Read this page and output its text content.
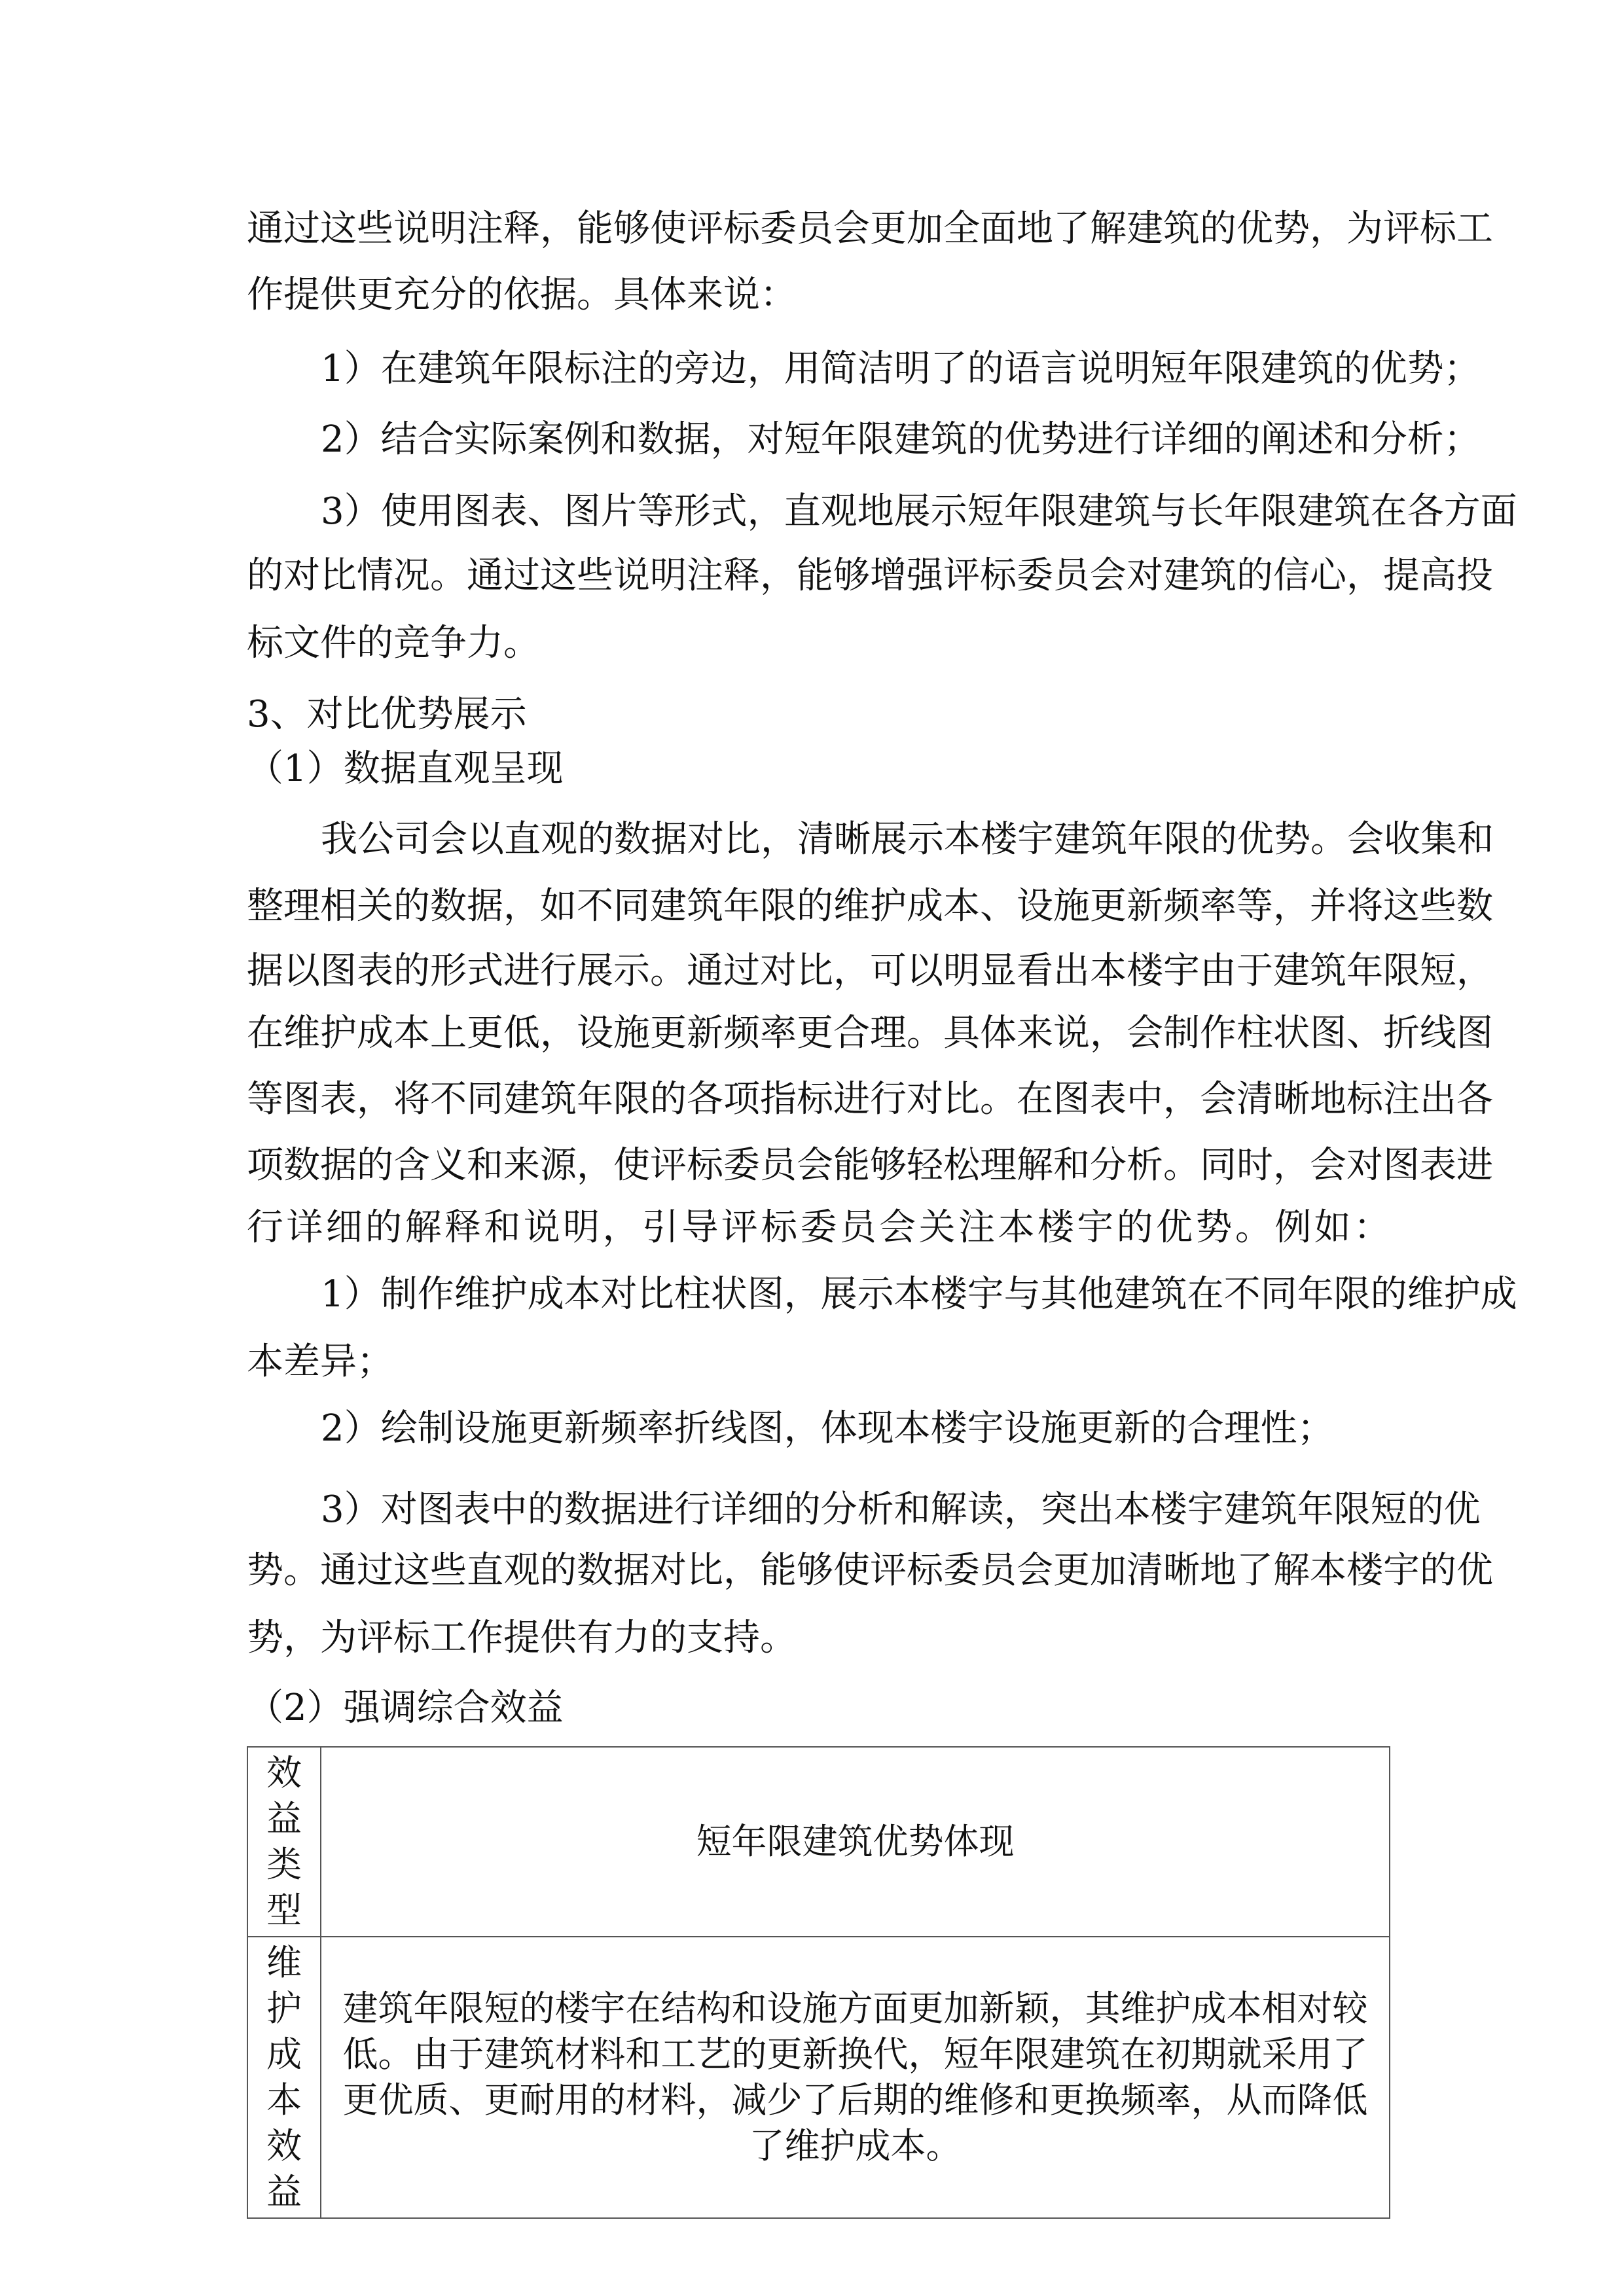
通过这些说明注释，能够使评标委员会更加全面地了解建筑的优势，为评标工
作提供更充分的依据。具体来说：
1）在建筑年限标注的旁边，用简洁明了的语言说明短年限建筑的优势；
2）结合实际案例和数据，对短年限建筑的优势进行详细的阐述和分析；
3）使用图表、图片等形式，直观地展示短年限建筑与长年限建筑在各方面
的对比情况。通过这些说明注释，能够增强评标委员会对建筑的信心，提高投
标文件的竞争力。
3、对比优势展示
（1）数据直观呈现
我公司会以直观的数据对比，清晰展示本楼宇建筑年限的优势。会收集和
整理相关的数据，如不同建筑年限的维护成本、设施更新频率等，并将这些数
据以图表的形式进行展示。通过对比，可以明显看出本楼宇由于建筑年限短，
在维护成本上更低，设施更新频率更合理。具体来说，会制作柱状图、折线图
等图表，将不同建筑年限的各项指标进行对比。在图表中，会清晰地标注出各
项数据的含义和来源，使评标委员会能够轻松理解和分析。同时，会对图表进
行详细的解释和说明，引导评标委员会关注本楼宇的优势。例如：
1）制作维护成本对比柱状图，展示本楼宇与其他建筑在不同年限的维护成
本差异；
2）绘制设施更新频率折线图，体现本楼宇设施更新的合理性；
3）对图表中的数据进行详细的分析和解读，突出本楼宇建筑年限短的优
势。通过这些直观的数据对比，能够使评标委员会更加清晰地了解本楼宇的优
势，为评标工作提供有力的支持。
（2）强调综合效益
效益类型	短年限建筑优势体现
维护成本效益	建筑年限短的楼宇在结构和设施方面更加新颖，其维护成本相对较低。由于建筑材料和工艺的更新换代，短年限建筑在初期就采用了更优质、更耐用的材料，减少了后期的维修和更换频率，从而降低了维护成本。
